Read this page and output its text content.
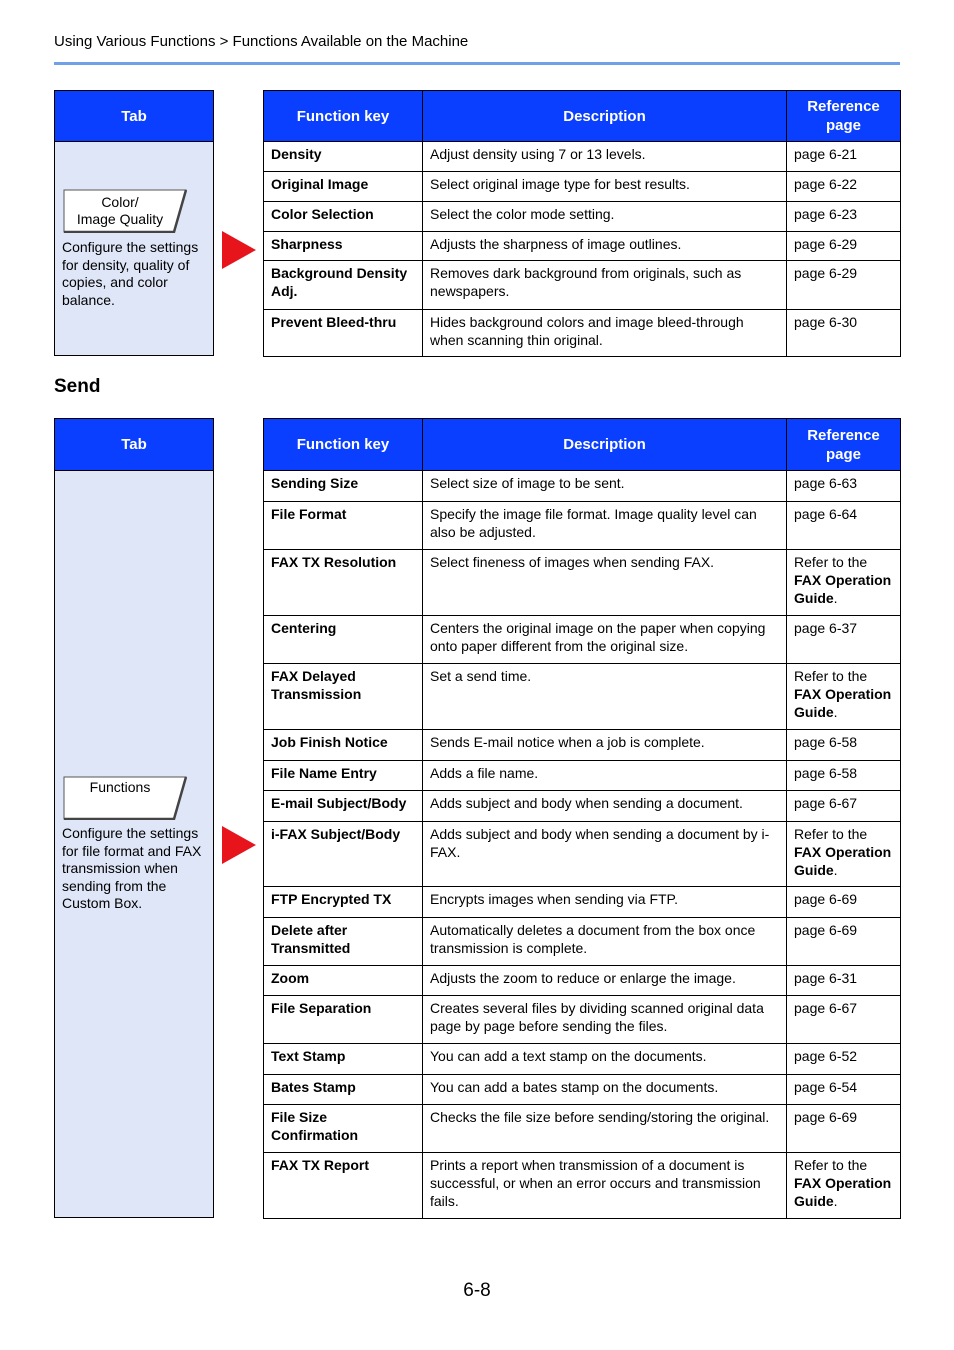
Using Various Functions > Functions Available on the Machine
Tab
Color/
Image Quality
Configure the settings for density, quality of copies, and color balance.
Function key	Description	Reference page
Density	Adjust density using 7 or 13 levels.	page 6-21
Original Image	Select original image type for best results.	page 6-22
Color Selection	Select the color mode setting.	page 6-23
Sharpness	Adjusts the sharpness of image outlines.	page 6-29
Background Density Adj.	Removes dark background from originals, such as newspapers.	page 6-29
Prevent Bleed-thru	Hides background colors and image bleed-through when scanning thin original.	page 6-30
Send
Tab
Functions
Configure the settings for file format and FAX transmission when sending from the Custom Box.
Function key	Description	Reference page
Sending Size	Select size of image to be sent.	page 6-63
File Format	Specify the image file format. Image quality level can also be adjusted.	page 6-64
FAX TX Resolution	Select fineness of images when sending FAX.	Refer to the
FAX Operation Guide.
Centering	Centers the original image on the paper when copying onto paper different from the original size.	page 6-37
FAX Delayed Transmission	Set a send time.	Refer to the
FAX Operation Guide.
Job Finish Notice	Sends E-mail notice when a job is complete.	page 6-58
File Name Entry	Adds a file name.	page 6-58
E-mail Subject/Body	Adds subject and body when sending a document.	page 6-67
i-FAX Subject/Body	Adds subject and body when sending a document by i-FAX.	Refer to the
FAX Operation Guide.
FTP Encrypted TX	Encrypts images when sending via FTP.	page 6-69
Delete after Transmitted	Automatically deletes a document from the box once transmission is complete.	page 6-69
Zoom	Adjusts the zoom to reduce or enlarge the image.	page 6-31
File Separation	Creates several files by dividing scanned original data page by page before sending the files.	page 6-67
Text Stamp	You can add a text stamp on the documents.	page 6-52
Bates Stamp	You can add a bates stamp on the documents.	page 6-54
File Size Confirmation	Checks the file size before sending/storing the original.	page 6-69
FAX TX Report	Prints a report when transmission of a document is successful, or when an error occurs and transmission fails.	Refer to the
FAX Operation Guide.
6-8
